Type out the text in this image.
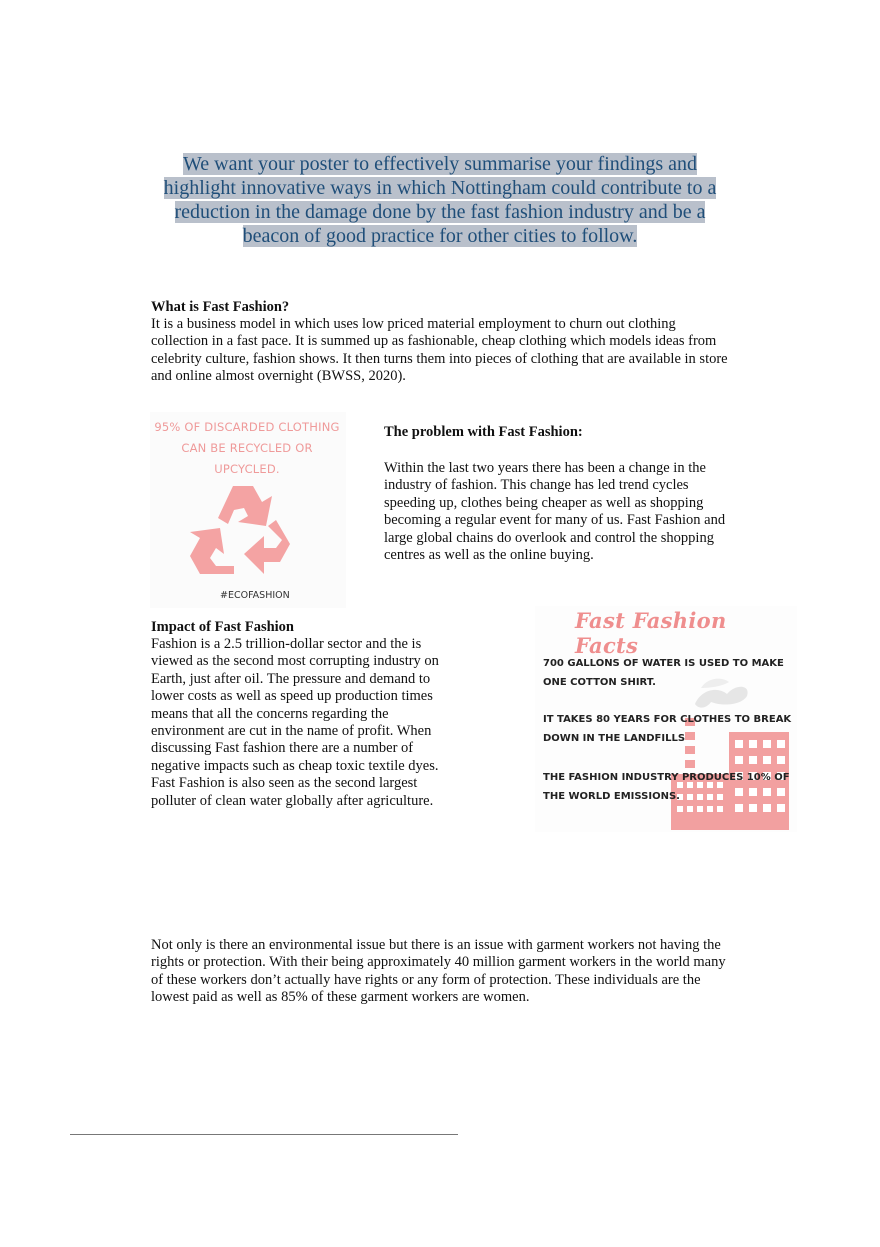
We want your poster to effectively summarise your findings and highlight innovative ways in which Nottingham could contribute to a reduction in the damage done by the fast fashion industry and be a beacon of good practice for other cities to follow.
What is Fast Fashion?
It is a business model in which uses low priced material employment to churn out clothing collection in a fast pace. It is summed up as fashionable, cheap clothing which models ideas from celebrity culture, fashion shows. It then turns them into pieces of clothing that are available in store and online almost overnight (BWSS, 2020).
95% OF DISCARDED CLOTHING CAN BE RECYCLED OR UPCYCLED.
#ECOFASHION
The problem with Fast Fashion:
Within the last two years there has been a change in the industry of fashion. This change has led trend cycles speeding up, clothes being cheaper as well as shopping becoming a regular event for many of us. Fast Fashion and large global chains do overlook and control the shopping centres as well as the online buying.
Impact of Fast Fashion
Fashion is a 2.5 trillion-dollar sector and the is viewed as the second most corrupting industry on Earth, just after oil. The pressure and demand to lower costs as well as speed up production times means that all the concerns regarding the environment are cut in the name of profit. When discussing Fast fashion there are a number of negative impacts such as cheap toxic textile dyes. Fast Fashion is also seen as the second largest polluter of clean water globally after agriculture.
Fast Fashion Facts
700 GALLONS OF WATER IS USED TO MAKE ONE COTTON SHIRT.
IT TAKES 80 YEARS FOR CLOTHES TO BREAK DOWN IN THE LANDFILLS
THE FASHION INDUSTRY PRODUCES 10% OF THE WORLD EMISSIONS.
Not only is there an environmental issue but there is an issue with garment workers not having the rights or protection. With their being approximately 40 million garment workers in the world many of these workers don’t actually have rights or any form of protection. These individuals are the lowest paid as well as 85% of these garment workers are women.
